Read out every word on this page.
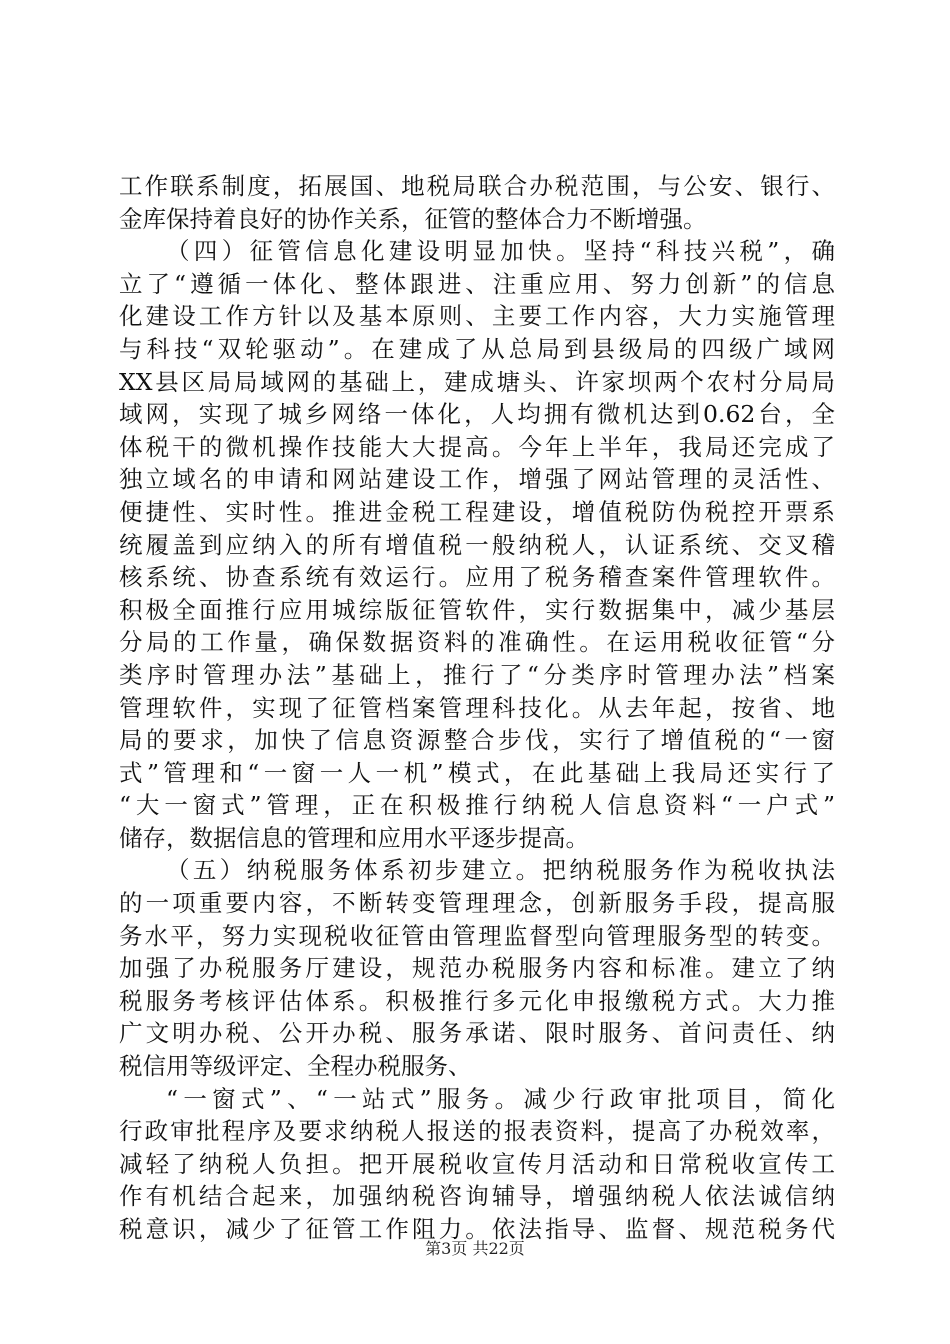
工作联系制度，拓展国、地税局联合办税范围，与公安、银行、
金库保持着良好的协作关系，征管的整体合力不断增强。
（四）征管信息化建设明显加快。坚持“科技兴税”，确
立了“遵循一体化、整体跟进、注重应用、努力创新”的信息
化建设工作方针以及基本原则、主要工作内容，大力实施管理
与科技“双轮驱动”。在建成了从总局到县级局的四级广域网
XX县区局局域网的基础上，建成塘头、许家坝两个农村分局局
域网，实现了城乡网络一体化，人均拥有微机达到0.62台，全
体税干的微机操作技能大大提高。今年上半年，我局还完成了
独立域名的申请和网站建设工作，增强了网站管理的灵活性、
便捷性、实时性。推进金税工程建设，增值税防伪税控开票系
统履盖到应纳入的所有增值税一般纳税人，认证系统、交叉稽
核系统、协查系统有效运行。应用了税务稽查案件管理软件。
积极全面推行应用城综版征管软件，实行数据集中，减少基层
分局的工作量，确保数据资料的准确性。在运用税收征管“分
类序时管理办法”基础上，推行了“分类序时管理办法”档案
管理软件，实现了征管档案管理科技化。从去年起，按省、地
局的要求，加快了信息资源整合步伐，实行了增值税的“一窗
式”管理和“一窗一人一机”模式，在此基础上我局还实行了
“大一窗式”管理，正在积极推行纳税人信息资料“一户式”
储存，数据信息的管理和应用水平逐步提高。
（五）纳税服务体系初步建立。把纳税服务作为税收执法
的一项重要内容，不断转变管理理念，创新服务手段，提高服
务水平，努力实现税收征管由管理监督型向管理服务型的转变。
加强了办税服务厅建设，规范办税服务内容和标准。建立了纳
税服务考核评估体系。积极推行多元化申报缴税方式。大力推
广文明办税、公开办税、服务承诺、限时服务、首问责任、纳
税信用等级评定、全程办税服务、
“一窗式”、“一站式”服务。减少行政审批项目，简化
行政审批程序及要求纳税人报送的报表资料，提高了办税效率，
减轻了纳税人负担。把开展税收宣传月活动和日常税收宣传工
作有机结合起来，加强纳税咨询辅导，增强纳税人依法诚信纳
税意识，减少了征管工作阻力。依法指导、监督、规范税务代
第3页 共22页
